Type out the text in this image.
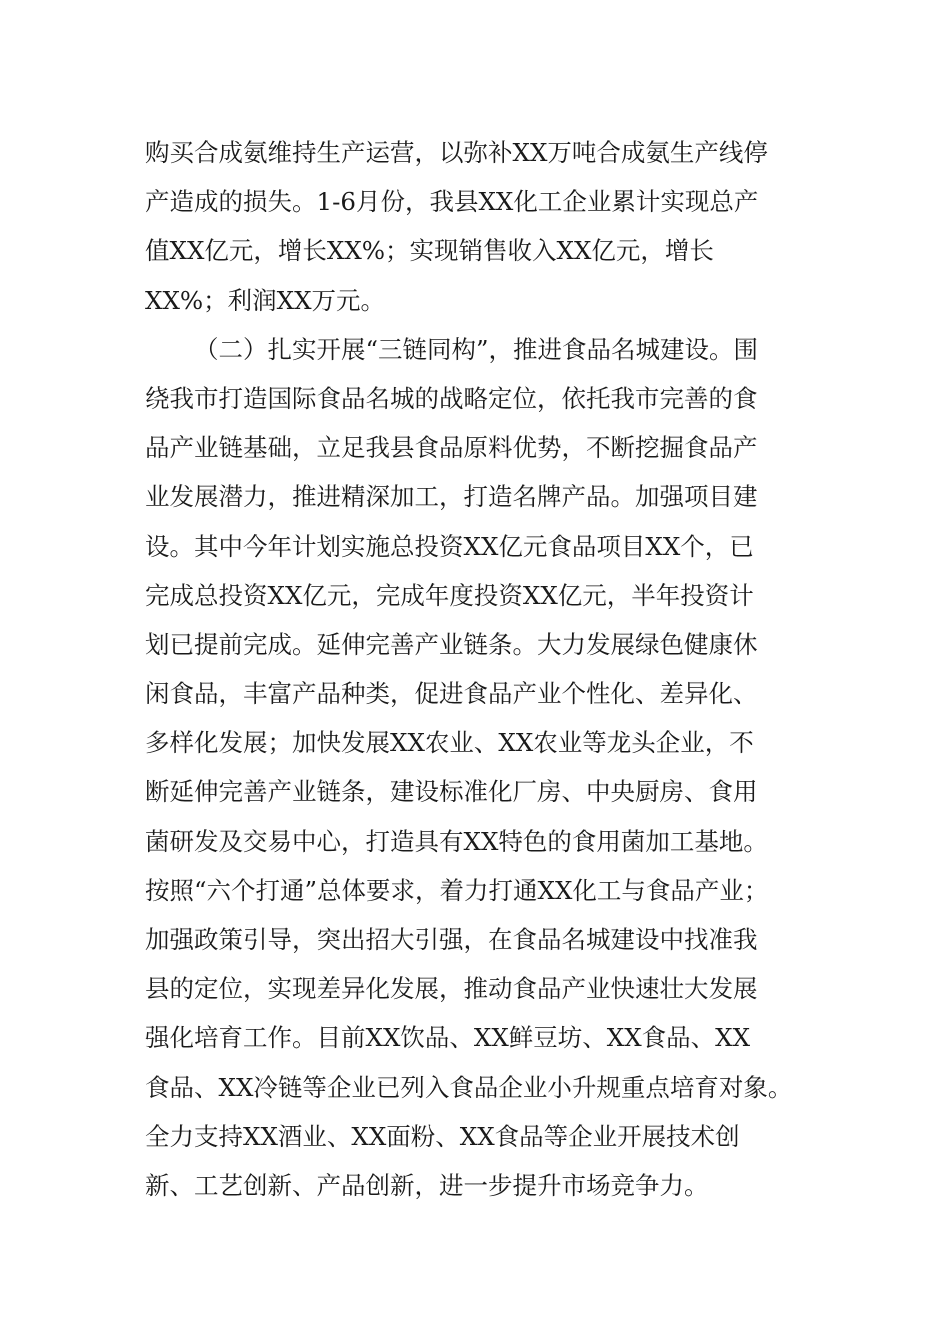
购买合成氨维持生产运营，以弥补XX万吨合成氨生产线停
产造成的损失。1-6月份，我县XX化工企业累计实现总产
值XX亿元，增长XX%；实现销售收入XX亿元，增长
XX%；利润XX万元。
（二）扎实开展“三链同构”，推进食品名城建设。围
绕我市打造国际食品名城的战略定位，依托我市完善的食
品产业链基础，立足我县食品原料优势，不断挖掘食品产
业发展潜力，推进精深加工，打造名牌产品。加强项目建
设。其中今年计划实施总投资XX亿元食品项目XX个，已
完成总投资XX亿元，完成年度投资XX亿元，半年投资计
划已提前完成。延伸完善产业链条。大力发展绿色健康休
闲食品，丰富产品种类，促进食品产业个性化、差异化、
多样化发展；加快发展XX农业、XX农业等龙头企业，不
断延伸完善产业链条，建设标准化厂房、中央厨房、食用
菌研发及交易中心，打造具有XX特色的食用菌加工基地。
按照“六个打通”总体要求，着力打通XX化工与食品产业；
加强政策引导，突出招大引强，在食品名城建设中找准我
县的定位，实现差异化发展，推动食品产业快速壮大发展
强化培育工作。目前XX饮品、XX鲜豆坊、XX食品、XX
食品、XX冷链等企业已列入食品企业小升规重点培育对象。
全力支持XX酒业、XX面粉、XX食品等企业开展技术创
新、工艺创新、产品创新，进一步提升市场竞争力。
